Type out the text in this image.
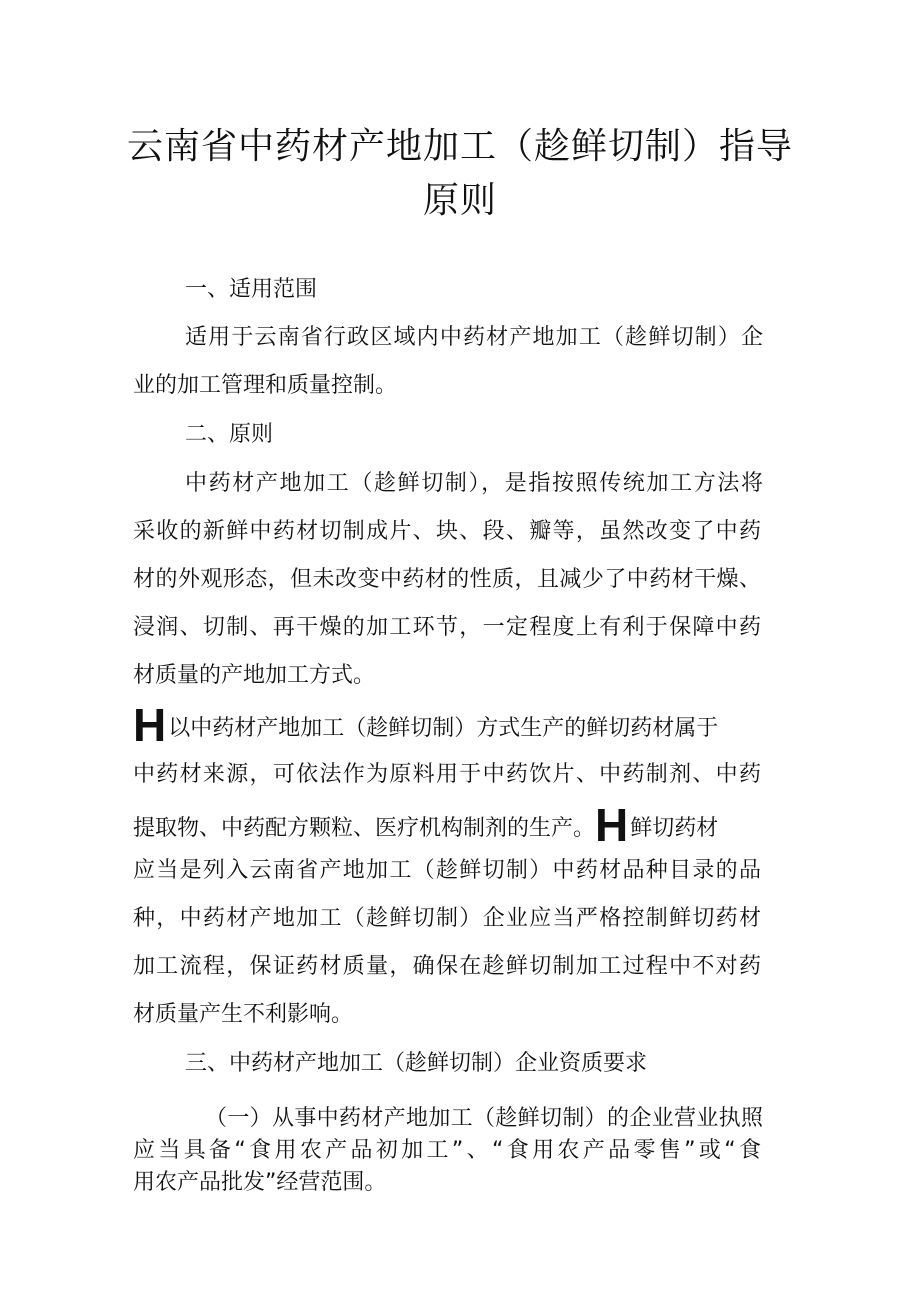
云南省中药材产地加工（趁鲜切制）指导
原则
一、适用范围
适用于云南省行政区域内中药材产地加工（趁鲜切制）企
业的加工管理和质量控制。
二、原则
中药材产地加工（趁鲜切制），是指按照传统加工方法将
采收的新鲜中药材切制成片、块、段、瓣等，虽然改变了中药
材的外观形态，但未改变中药材的性质，且减少了中药材干燥、
浸润、切制、再干燥的加工环节，一定程度上有利于保障中药
材质量的产地加工方式。
H以中药材产地加工（趁鲜切制）方式生产的鲜切药材属于
中药材来源，可依法作为原料用于中药饮片、中药制剂、中药
提取物、中药配方颗粒、医疗机构制剂的生产。H鲜切药材
应当是列入云南省产地加工（趁鲜切制）中药材品种目录的品
种，中药材产地加工（趁鲜切制）企业应当严格控制鲜切药材
加工流程，保证药材质量，确保在趁鲜切制加工过程中不对药
材质量产生不利影响。
三、中药材产地加工（趁鲜切制）企业资质要求
（一）从事中药材产地加工（趁鲜切制）的企业营业执照
应当具备“食用农产品初加工”、“食用农产品零售”或“食
用农产品批发”经营范围。
